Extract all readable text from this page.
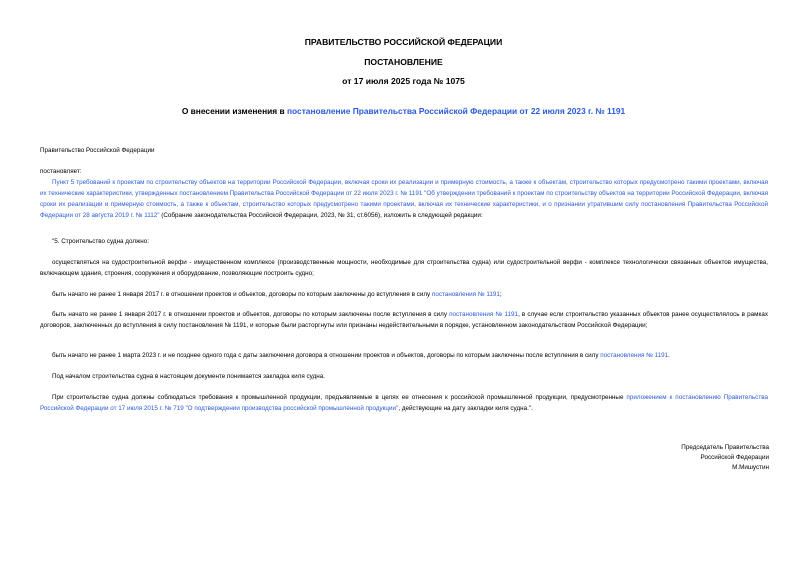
ПРАВИТЕЛЬСТВО РОССИЙСКОЙ ФЕДЕРАЦИИ
ПОСТАНОВЛЕНИЕ
от 17 июля 2025 года № 1075
О внесении изменения в постановление Правительства Российской Федерации от 22 июля 2023 г. № 1191
Правительство Российской Федерации
постановляет:
Пункт 5 требований к проектам по строительству объектов на территории Российской Федерации, включая сроки их реализации и примерную стоимость, а также к объектам, строительство которых предусмотрено такими проектами, включая их технические характеристики, утвержденных постановлением Правительства Российской Федерации от 22 июля 2023 г. № 1191 "Об утверждении требований к проектам по строительству объектов на территории Российской Федерации, включая сроки их реализации и примерную стоимость, а также к объектам, строительство которых предусмотрено такими проектами, включая их технические характеристики, и о признании утратившим силу постановления Правительства Российской Федерации от 28 августа 2019 г. № 1112" (Собрание законодательства Российской Федерации, 2023, № 31, ст.6056), изложить в следующей редакции:
"5. Строительство судна должно:
осуществляться на судостроительной верфи - имущественном комплексе (производственные мощности, необходимые для строительства судна) или судостроительной верфи - комплексе технологически связанных объектов имущества, включающем здания, строения, сооружения и оборудование, позволяющие построить судно;
быть начато не ранее 1 января 2017 г. в отношении проектов и объектов, договоры по которым заключены до вступления в силу постановления № 1191;
быть начато не ранее 1 января 2017 г. в отношении проектов и объектов, договоры по которым заключены после вступления в силу постановления № 1191, в случае если строительство указанных объектов ранее осуществлялось в рамках договоров, заключенных до вступления в силу постановления № 1191, и которые были расторгнуты или признаны недействительными в порядке, установленном законодательством Российской Федерации;
быть начато не ранее 1 марта 2023 г. и не позднее одного года с даты заключения договора в отношении проектов и объектов, договоры по которым заключены после вступления в силу постановления № 1191.
Под началом строительства судна в настоящем документе понимается закладка киля судна.
При строительстве судна должны соблюдаться требования к промышленной продукции, предъявляемые в целях ее отнесения к российской промышленной продукции, предусмотренные приложением к постановлению Правительства Российской Федерации от 17 июля 2015 г. № 719 "О подтверждении производства российской промышленной продукции", действующие на дату закладки киля судна.".
Председатель Правительства
Российской Федерации
М.Мишустин
